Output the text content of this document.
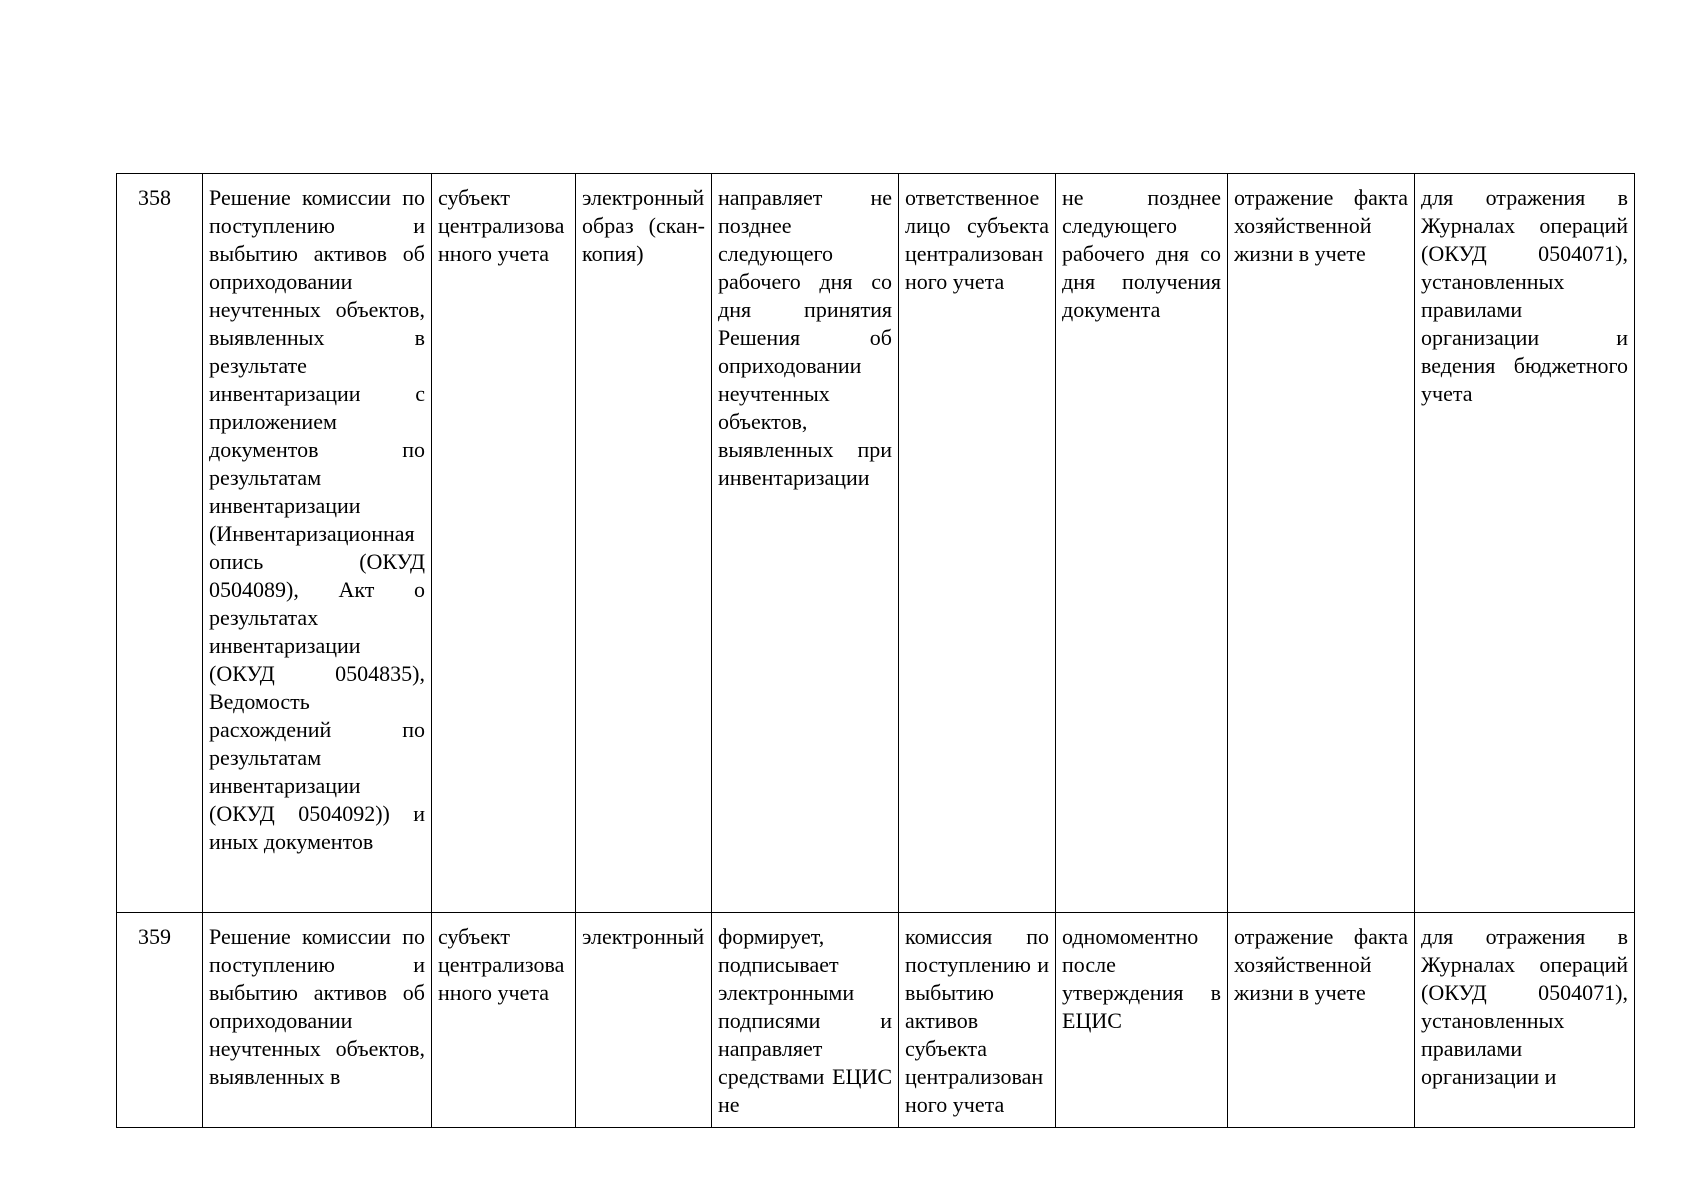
358	Решение комиссии по поступлению и выбытию активов об оприходовании неучтенных объектов, выявленных в результате инвентаризации с приложением документов по результатам инвентаризации (Инвентаризационная опись (ОКУД 0504089), Акт о результатах инвентаризации (ОКУД 0504835), Ведомость расхождений по результатам инвентаризации (ОКУД 0504092)) и иных документов	субъект централизованного учета	электронный образ (скан-копия)	направляет не позднее следующего рабочего дня со дня принятия Решения об оприходовании неучтенных объектов, выявленных при инвентаризации	ответственное лицо субъекта централизованного учета	не позднее следующего рабочего дня со дня получения документа	отражение факта хозяйственной жизни в учете	для отражения в Журналах операций (ОКУД 0504071), установленных правилами организации и ведения бюджетного учета

359	Решение комиссии по поступлению и выбытию активов об оприходовании неучтенных объектов, выявленных в	субъект централизованного учета	электронный	формирует, подписывает электронными подписями и направляет средствами ЕЦИС не	комиссия по поступлению и выбытию активов субъекта централизованного учета	одномоментно после утверждения в ЕЦИС	отражение факта хозяйственной жизни в учете	для отражения в Журналах операций (ОКУД 0504071), установленных правилами организации и
